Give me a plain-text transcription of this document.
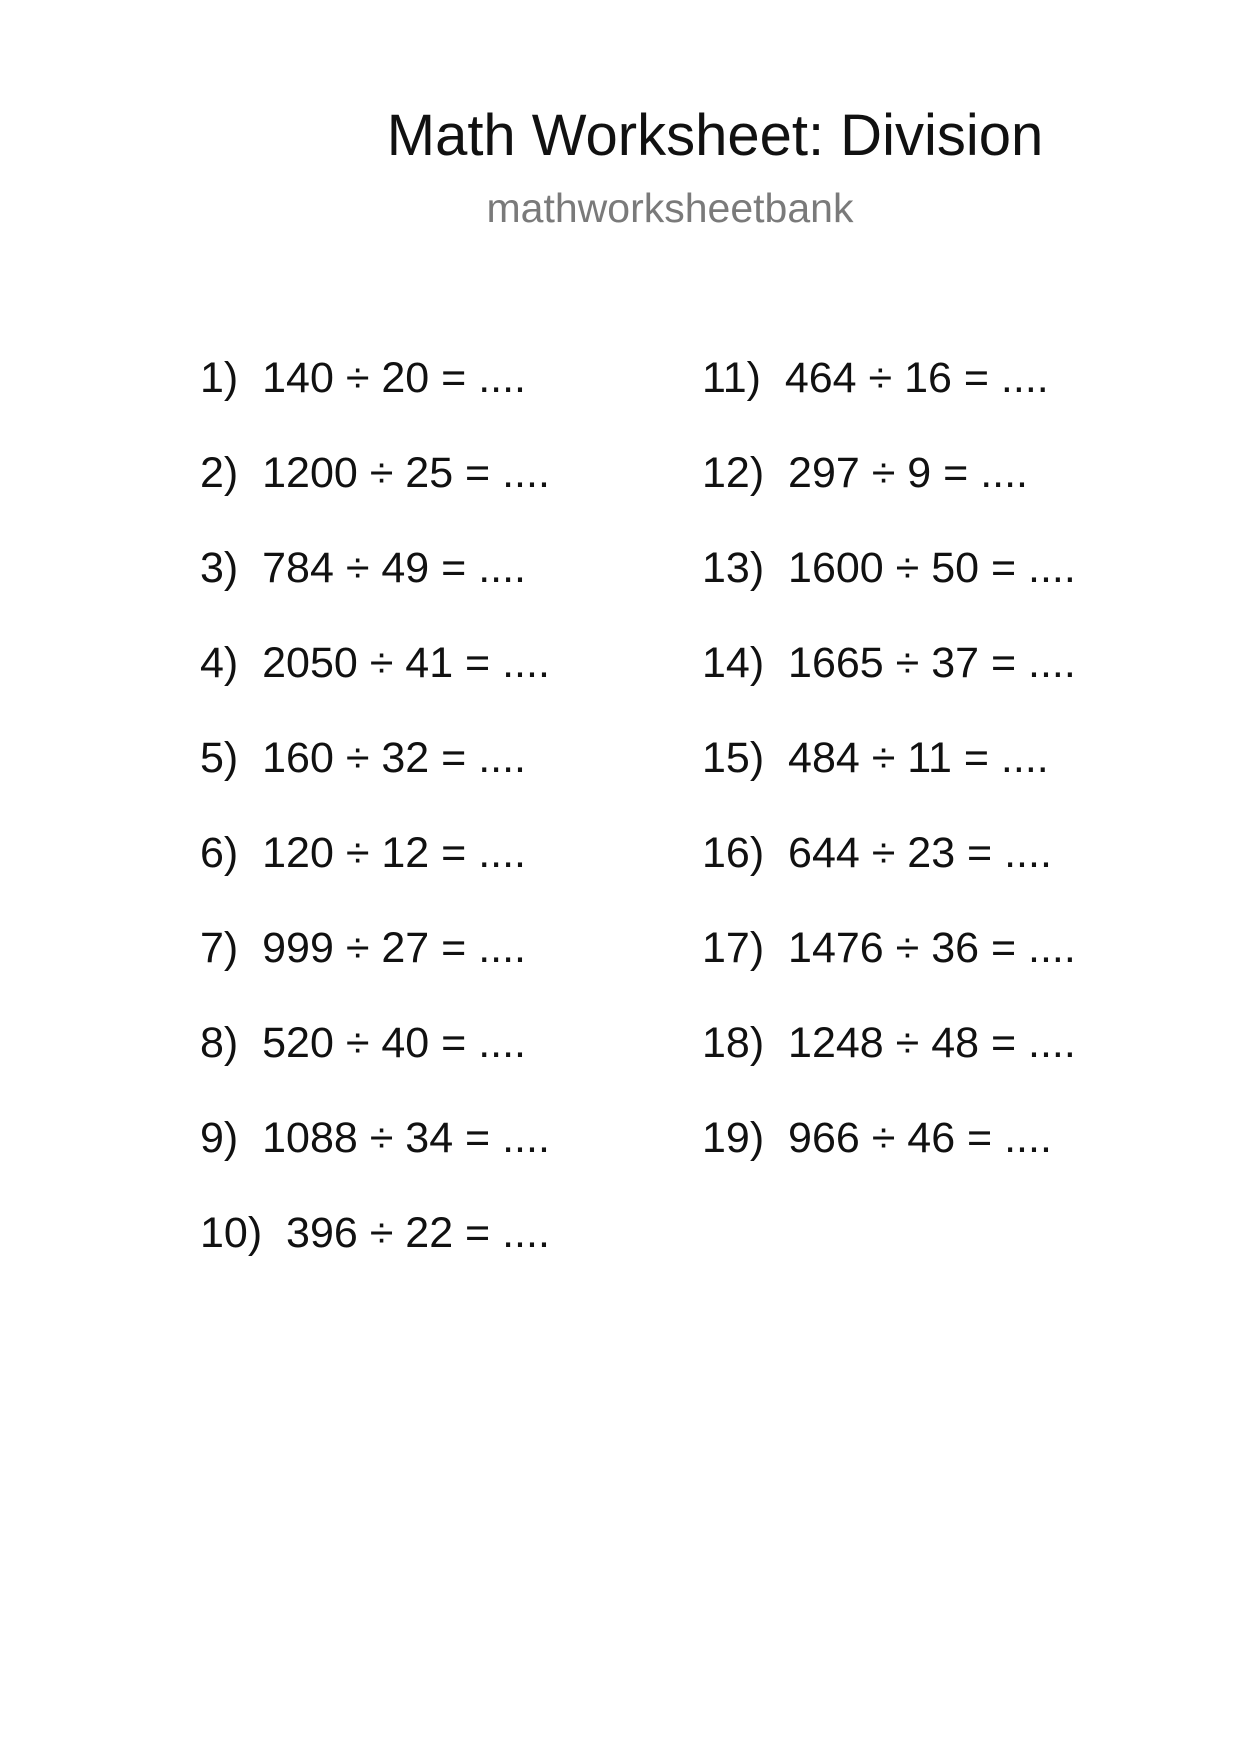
Math Worksheet: Division
mathworksheetbank
1)  140 ÷ 20 = ....
2)  1200 ÷ 25 = ....
3)  784 ÷ 49 = ....
4)  2050 ÷ 41 = ....
5)  160 ÷ 32 = ....
6)  120 ÷ 12 = ....
7)  999 ÷ 27 = ....
8)  520 ÷ 40 = ....
9)  1088 ÷ 34 = ....
10)  396 ÷ 22 = ....
11)  464 ÷ 16 = ....
12)  297 ÷ 9 = ....
13)  1600 ÷ 50 = ....
14)  1665 ÷ 37 = ....
15)  484 ÷ 11 = ....
16)  644 ÷ 23 = ....
17)  1476 ÷ 36 = ....
18)  1248 ÷ 48 = ....
19)  966 ÷ 46 = ....
